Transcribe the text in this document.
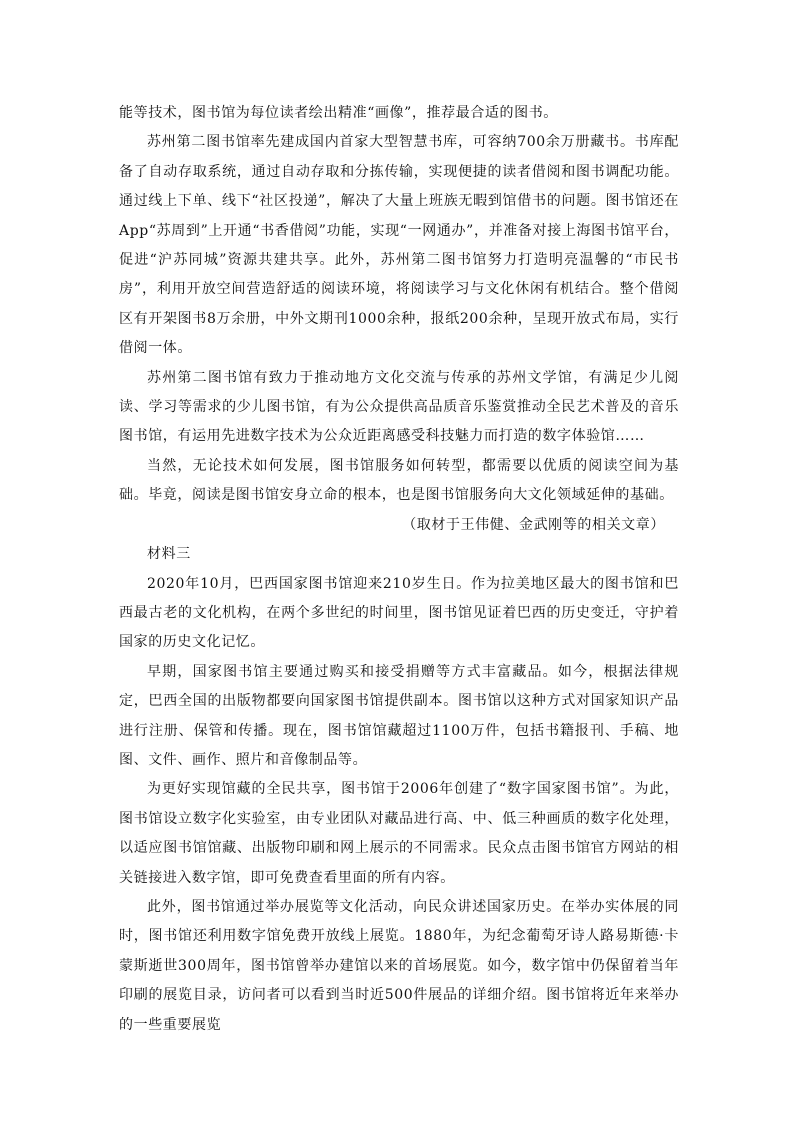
能等技术，图书馆为每位读者绘出精准“画像”，推荐最合适的图书。

苏州第二图书馆率先建成国内首家大型智慧书库，可容纳700余万册藏书。书库配备了自动存取系统，通过自动存取和分拣传输，实现便捷的读者借阅和图书调配功能。通过线上下单、线下“社区投递”，解决了大量上班族无暇到馆借书的问题。图书馆还在App“苏周到”上开通“书香借阅”功能，实现“一网通办”，并准备对接上海图书馆平台，促进“沪苏同城”资源共建共享。此外，苏州第二图书馆努力打造明亮温馨的“市民书房”，利用开放空间营造舒适的阅读环境，将阅读学习与文化休闲有机结合。整个借阅区有开架图书8万余册，中外文期刊1000余种，报纸200余种，呈现开放式布局，实行借阅一体。

苏州第二图书馆有致力于推动地方文化交流与传承的苏州文学馆，有满足少儿阅读、学习等需求的少儿图书馆，有为公众提供高品质音乐鉴赏推动全民艺术普及的音乐图书馆，有运用先进数字技术为公众近距离感受科技魅力而打造的数字体验馆……

当然，无论技术如何发展，图书馆服务如何转型，都需要以优质的阅读空间为基础。毕竟，阅读是图书馆安身立命的根本，也是图书馆服务向大文化领域延伸的基础。

（取材于王伟健、金武刚等的相关文章）

材料三

2020年10月，巴西国家图书馆迎来210岁生日。作为拉美地区最大的图书馆和巴西最古老的文化机构，在两个多世纪的时间里，图书馆见证着巴西的历史变迁，守护着国家的历史文化记忆。

早期，国家图书馆主要通过购买和接受捐赠等方式丰富藏品。如今，根据法律规定，巴西全国的出版物都要向国家图书馆提供副本。图书馆以这种方式对国家知识产品进行注册、保管和传播。现在，图书馆馆藏超过1100万件，包括书籍报刊、手稿、地图、文件、画作、照片和音像制品等。

为更好实现馆藏的全民共享，图书馆于2006年创建了“数字国家图书馆”。为此，图书馆设立数字化实验室，由专业团队对藏品进行高、中、低三种画质的数字化处理，以适应图书馆馆藏、出版物印刷和网上展示的不同需求。民众点击图书馆官方网站的相关链接进入数字馆，即可免费查看里面的所有内容。

此外，图书馆通过举办展览等文化活动，向民众讲述国家历史。在举办实体展的同时，图书馆还利用数字馆免费开放线上展览。1880年，为纪念葡萄牙诗人路易斯德·卡蒙斯逝世300周年，图书馆曾举办建馆以来的首场展览。如今，数字馆中仍保留着当年印刷的展览目录，访问者可以看到当时近500件展品的详细介绍。图书馆将近年来举办的一些重要展览
